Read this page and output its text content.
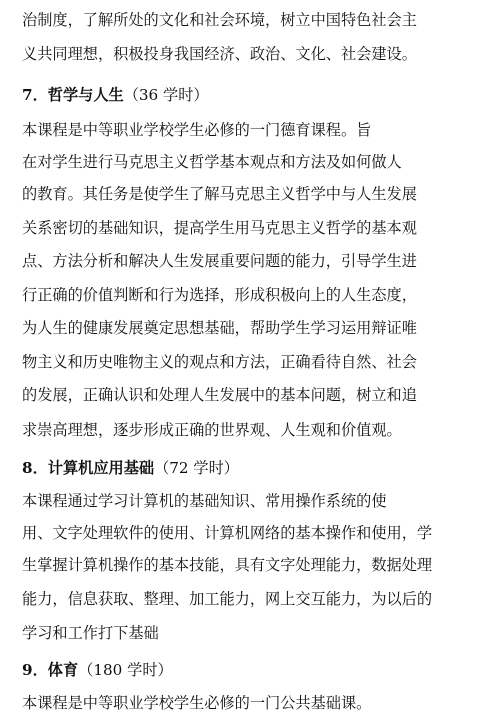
治制度，了解所处的文化和社会环境，树立中国特色社会主
义共同理想，积极投身我国经济、政治、文化、社会建设。
7．哲学与人生（36 学时）
本课程是中等职业学校学生必修的一门德育课程。旨
在对学生进行马克思主义哲学基本观点和方法及如何做人
的教育。其任务是使学生了解马克思主义哲学中与人生发展
关系密切的基础知识，提高学生用马克思主义哲学的基本观
点、方法分析和解决人生发展重要问题的能力，引导学生进
行正确的价值判断和行为选择，形成积极向上的人生态度，
为人生的健康发展奠定思想基础，帮助学生学习运用辩证唯
物主义和历史唯物主义的观点和方法，正确看待自然、社会
的发展，正确认识和处理人生发展中的基本问题，树立和追
求崇高理想，逐步形成正确的世界观、人生观和价值观。
8．计算机应用基础（72 学时）
本课程通过学习计算机的基础知识、常用操作系统的使
用、文字处理软件的使用、计算机网络的基本操作和使用，学
生掌握计算机操作的基本技能，具有文字处理能力，数据处理
能力，信息获取、整理、加工能力，网上交互能力，为以后的
学习和工作打下基础
9．体育（180 学时）
本课程是中等职业学校学生必修的一门公共基础课。
